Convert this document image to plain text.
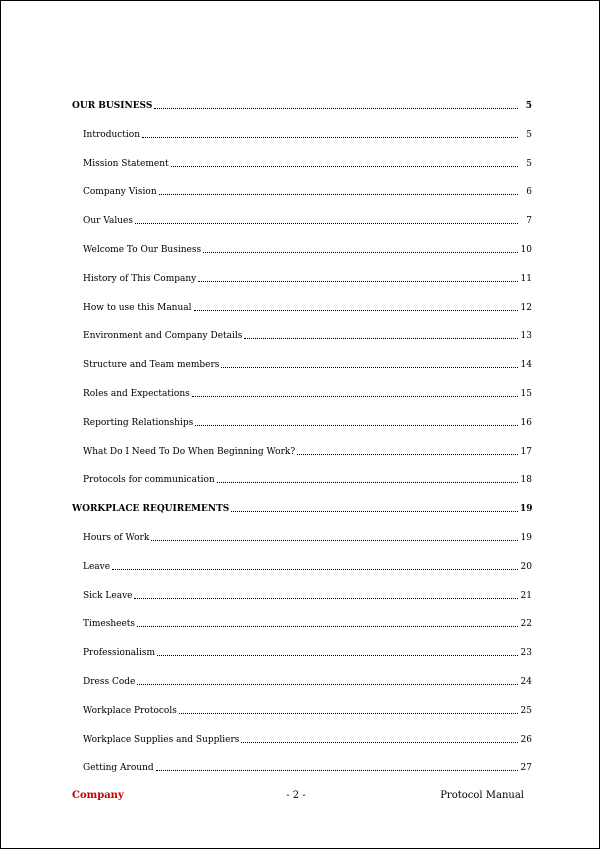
OUR BUSINESS	5
Introduction	5
Mission Statement	5
Company Vision	6
Our Values	7
Welcome To Our Business	10
History of This Company	11
How to use this Manual	12
Environment and Company Details	13
Structure and Team members	14
Roles and Expectations	15
Reporting Relationships	16
What Do I Need To Do When Beginning Work?	17
Protocols for communication	18
WORKPLACE REQUIREMENTS	19
Hours of Work	19
Leave	20
Sick Leave	21
Timesheets	22
Professionalism	23
Dress Code	24
Workplace Protocols	25
Workplace Supplies and Suppliers	26
Getting Around	27
Company	- 2 -	Protocol Manual
